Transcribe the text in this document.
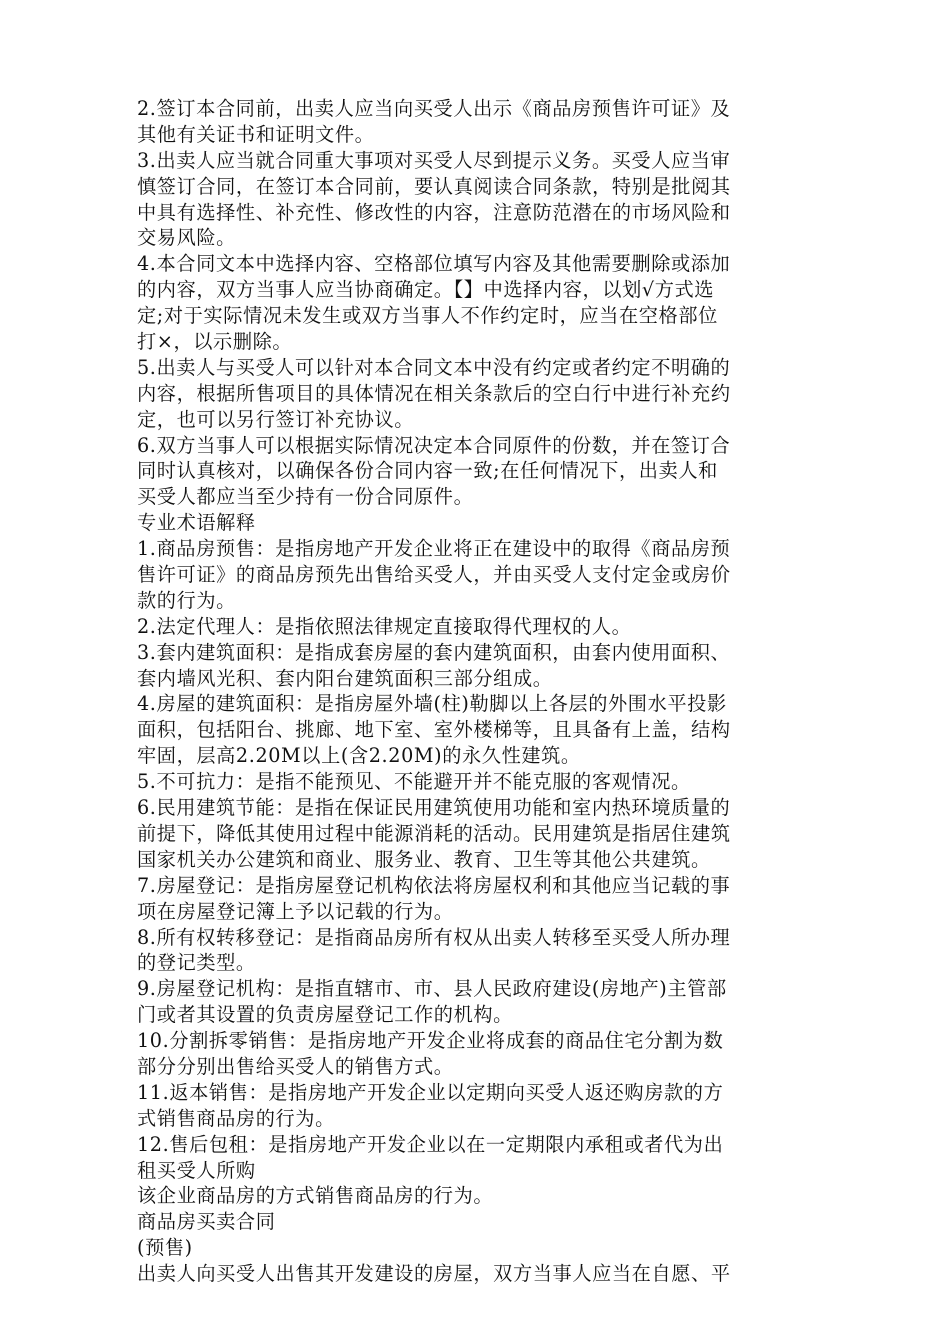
2.签订本合同前，出卖人应当向买受人出示《商品房预售许可证》及
其他有关证书和证明文件。
3.出卖人应当就合同重大事项对买受人尽到提示义务。买受人应当审
慎签订合同，在签订本合同前，要认真阅读合同条款，特别是批阅其
中具有选择性、补充性、修改性的内容，注意防范潜在的市场风险和
交易风险。
4.本合同文本中选择内容、空格部位填写内容及其他需要删除或添加
的内容，双方当事人应当协商确定。【】中选择内容，以划√方式选
定;对于实际情况未发生或双方当事人不作约定时，应当在空格部位
打×，以示删除。
5.出卖人与买受人可以针对本合同文本中没有约定或者约定不明确的
内容，根据所售项目的具体情况在相关条款后的空白行中进行补充约
定，也可以另行签订补充协议。
6.双方当事人可以根据实际情况决定本合同原件的份数，并在签订合
同时认真核对，以确保各份合同内容一致;在任何情况下，出卖人和
买受人都应当至少持有一份合同原件。
专业术语解释
1.商品房预售：是指房地产开发企业将正在建设中的取得《商品房预
售许可证》的商品房预先出售给买受人，并由买受人支付定金或房价
款的行为。
2.法定代理人：是指依照法律规定直接取得代理权的人。
3.套内建筑面积：是指成套房屋的套内建筑面积，由套内使用面积、
套内墙风光积、套内阳台建筑面积三部分组成。
4.房屋的建筑面积：是指房屋外墙(柱)勒脚以上各层的外围水平投影
面积，包括阳台、挑廊、地下室、室外楼梯等，且具备有上盖，结构
牢固，层高2.20M以上(含2.20M)的永久性建筑。
5.不可抗力：是指不能预见、不能避开并不能克服的客观情况。
6.民用建筑节能：是指在保证民用建筑使用功能和室内热环境质量的
前提下，降低其使用过程中能源消耗的活动。民用建筑是指居住建筑
国家机关办公建筑和商业、服务业、教育、卫生等其他公共建筑。
7.房屋登记：是指房屋登记机构依法将房屋权利和其他应当记载的事
项在房屋登记簿上予以记载的行为。
8.所有权转移登记：是指商品房所有权从出卖人转移至买受人所办理
的登记类型。
9.房屋登记机构：是指直辖市、市、县人民政府建设(房地产)主管部
门或者其设置的负责房屋登记工作的机构。
10.分割拆零销售：是指房地产开发企业将成套的商品住宅分割为数
部分分别出售给买受人的销售方式。
11.返本销售：是指房地产开发企业以定期向买受人返还购房款的方
式销售商品房的行为。
12.售后包租：是指房地产开发企业以在一定期限内承租或者代为出
租买受人所购
该企业商品房的方式销售商品房的行为。
商品房买卖合同
(预售)
出卖人向买受人出售其开发建设的房屋，双方当事人应当在自愿、平
